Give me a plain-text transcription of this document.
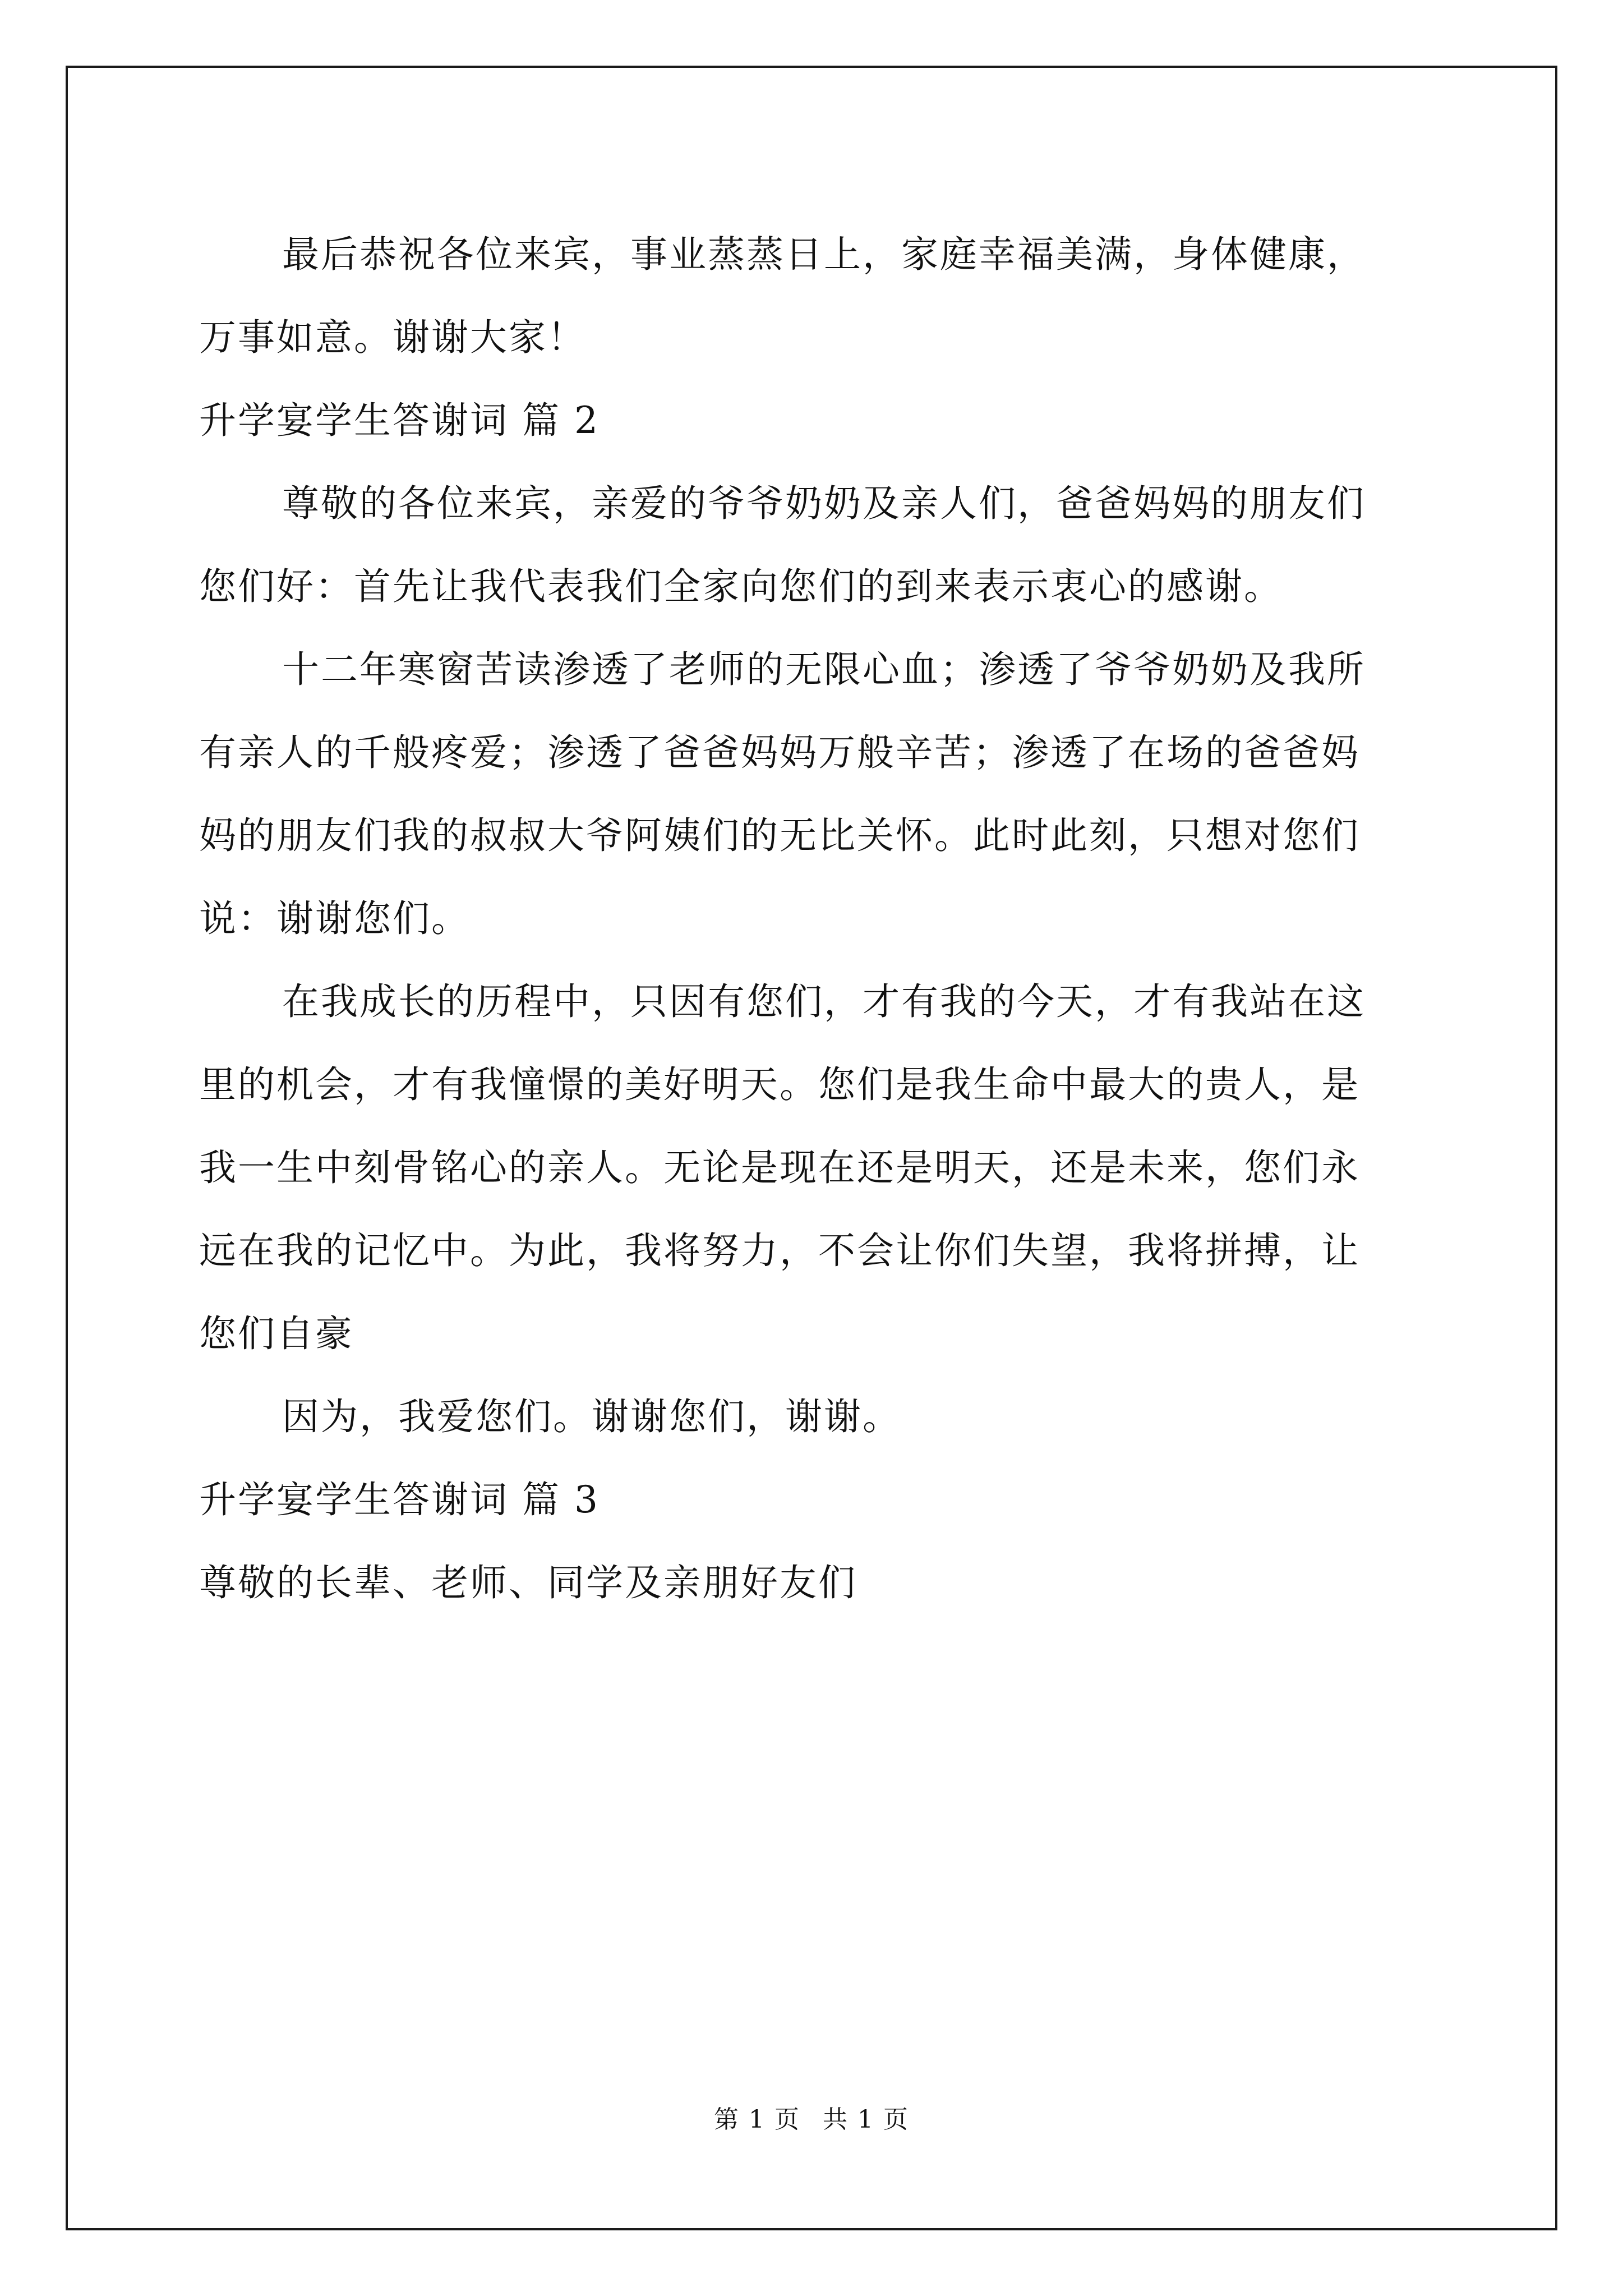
最后恭祝各位来宾，事业蒸蒸日上，家庭幸福美满，身体健康，
万事如意。谢谢大家！
升学宴学生答谢词 篇 2
尊敬的各位来宾，亲爱的爷爷奶奶及亲人们，爸爸妈妈的朋友们
您们好：首先让我代表我们全家向您们的到来表示衷心的感谢。
十二年寒窗苦读渗透了老师的无限心血；渗透了爷爷奶奶及我所
有亲人的千般疼爱；渗透了爸爸妈妈万般辛苦；渗透了在场的爸爸妈
妈的朋友们我的叔叔大爷阿姨们的无比关怀。此时此刻，只想对您们
说：谢谢您们。
在我成长的历程中，只因有您们，才有我的今天，才有我站在这
里的机会，才有我憧憬的美好明天。您们是我生命中最大的贵人，是
我一生中刻骨铭心的亲人。无论是现在还是明天，还是未来，您们永
远在我的记忆中。为此，我将努力，不会让你们失望，我将拼搏，让
您们自豪
因为，我爱您们。谢谢您们，谢谢。
升学宴学生答谢词 篇 3
尊敬的长辈、老师、同学及亲朋好友们
第 1 页 共 1 页
